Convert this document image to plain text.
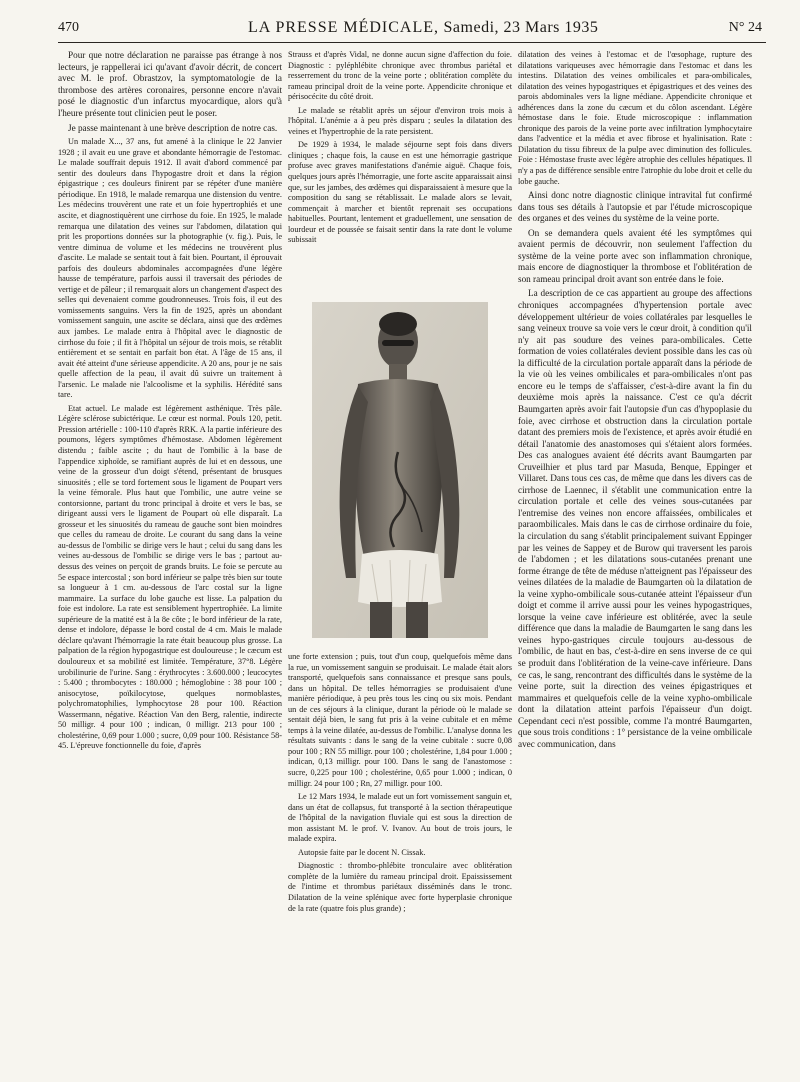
470	LA PRESSE MÉDICALE, Samedi, 23 Mars 1935	N° 24

Pour que notre déclaration ne paraisse pas étrange à nos lecteurs, je rappellerai ici qu'avant d'avoir décrit, de concert avec M. le prof. Obrastzov, la symptomatologie de la thrombose des artères coronaires, personne encore n'avait posé le diagnostic d'un infarctus myocardique, alors qu'à l'heure présente tout clinicien peut le poser.

Je passe maintenant à une brève description de notre cas.

Un malade X..., 37 ans, fut amené à la clinique le 22 Janvier 1928 ; il avait eu une grave et abondante hémorragie de l'estomac. Le malade souffrait depuis 1912. Il avait d'abord commencé par sentir des douleurs dans l'hypogastre droit et dans la région épigastrique ; ces douleurs finirent par se répéter d'une manière périodique. En 1918, le malade remarqua une distension du ventre. Les médecins trouvèrent une rate et un foie hypertrophiés et une ascite, et diagnostiquèrent une cirrhose du foie. En 1925, le malade remarqua une dilatation des veines sur l'abdomen, dilatation qui prit les proportions données sur la photographie (v. fig.). Puis, le ventre diminua de volume et les médecins ne trouvèrent plus d'ascite. Le malade se sentait tout à fait bien. Pourtant, il éprouvait parfois des douleurs abdominales accompagnées d'une légère hausse de température, parfois aussi il traversait des périodes de vertige et de pâleur ; il remarquait alors un changement d'aspect des selles qui devenaient comme goudronneuses. Trois fois, il eut des vomissements sanguins. Vers la fin de 1925, après un abondant vomissement sanguin, une ascite se déclara, ainsi que des œdèmes aux jambes. Le malade entra à l'hôpital avec le diagnostic de cirrhose du foie ; il fit à l'hôpital un séjour de trois mois, se rétablit entièrement et se sentait en parfait bon état. A l'âge de 15 ans, il avait été atteint d'une sérieuse appendicite. A 20 ans, pour je ne sais quelle affection de la peau, il avait dû suivre un traitement à l'arsenic. Le malade nie l'alcoolisme et la syphilis. Hérédité sans tare.

Etat actuel. Le malade est légèrement asthénique. Très pâle. Légère sclérose subictérique. Le cœur est normal. Pouls 120, petit. Pression artérielle : 100-110 d'après RRK. A la partie inférieure des poumons, légers symptômes d'hémostase. Abdomen légèrement distendu ; faible ascite ; du haut de l'ombilic à la base de l'appendice xiphoïde, se ramifiant auprès de lui et en dessous, une veine de la grosseur d'un doigt s'étend, présentant de brusques sinuosités ; elle se tord fortement sous le ligament de Poupart vers la veine fémorale. Plus haut que l'ombilic, une autre veine se contorsionne, partant du tronc principal à droite et vers le bas, se dirigeant aussi vers le ligament de Poupart où elle disparaît. La grosseur et les sinuosités du rameau de gauche sont bien moindres que celles du rameau de droite. Le courant du sang dans la veine au-dessus de l'ombilic se dirige vers le haut ; celui du sang dans les veines au-dessous de l'ombilic se dirige vers le bas ; partout au-dessus des veines on perçoit de grands bruits. Le foie se percute au 5e espace intercostal ; son bord inférieur se palpe très bien sur toute sa longueur à 1 cm. au-dessous de l'arc costal sur la ligne mammaire. La surface du lobe gauche est lisse. La palpation du foie est indolore. La rate est sensiblement hypertrophiée. La limite supérieure de la matité est à la 8e côte ; le bord inférieur de la rate, dense et indolore, dépasse le bord costal de 4 cm. Mais le malade déclare qu'avant l'hémorragie la rate était beaucoup plus grosse. La palpation de la région hypogastrique est douloureuse ; le cæcum est douloureux et sa mobilité est limitée. Température, 37°8. Légère urobilinurie de l'urine. Sang : érythrocytes : 3.600.000 ; leucocytes : 5.400 ; thrombocytes : 180.000 ; hémoglobine : 38 pour 100 ; anisocytose, poïkilocytose, quelques normoblastes, polychromatophilies, lymphocytose 28 pour 100. Réaction Wassermann, négative. Réaction Van den Berg, ralentie, indirecte 50 milligr. 4 pour 100 ; indican, 0 milligr. 213 pour 100 ; cholestérine, 0,69 pour 1.000 ; sucre, 0,09 pour 100. Résistance 58-45. L'épreuve fonctionnelle du foie, d'après

Strauss et d'après Vidal, ne donne aucun signe d'affection du foie. Diagnostic : pyléphlébite chronique avec thrombus pariétal et resserrement du tronc de la veine porte ; oblitération complète du rameau principal droit de la veine porte. Appendicite chronique et périsocécite du côté droit.

Le malade se rétablit après un séjour d'environ trois mois à l'hôpital. L'anémie a à peu près disparu ; seules la dilatation des veines et l'hypertrophie de la rate persistent.

De 1929 à 1934, le malade séjourne sept fois dans divers cliniques ; chaque fois, la cause en est une hémorragie gastrique profuse avec graves manifestations d'anémie aiguë. Chaque fois, quelques jours après l'hémorragie, une forte ascite apparaissait ainsi que, sur les jambes, des œdèmes qui disparaissaient à mesure que la composition du sang se rétablissait. Le malade alors se levait, commençait à marcher et bientôt reprenait ses occupations habituelles. Pourtant, lentement et graduellement, une sensation de lourdeur et de poussée se faisait sentir dans la rate dont le volume subissait

une forte extension ; puis, tout d'un coup, quelquefois même dans la rue, un vomissement sanguin se produisait. Le malade était alors transporté, quelquefois sans connaissance et presque sans pouls, dans un hôpital. De telles hémorragies se produisaient d'une manière périodique, à peu près tous les cinq ou six mois. Pendant un de ces séjours à la clinique, durant la période où le malade se sentait déjà bien, le sang fut pris à la veine cubitale et en même temps à la veine dilatée, au-dessus de l'ombilic. L'analyse donna les résultats suivants : dans le sang de la veine cubitale : sucre 0,08 pour 100 ; RN 55 milligr. pour 100 ; cholestérine, 1,84 pour 1.000 ; indican, 0,13 milligr. pour 100. Dans le sang de l'anastomose : sucre, 0,225 pour 100 ; cholestérine, 0,65 pour 1.000 ; indican, 0 milligr. 24 pour 100 ; Rn, 27 milligr. pour 100.

Le 12 Mars 1934, le malade eut un fort vomissement sanguin et, dans un état de collapsus, fut transporté à la section thérapeutique de l'hôpital de la navigation fluviale qui est sous la direction de mon assistant M. le prof. V. Ivanov. Au bout de trois jours, le malade expira.

Autopsie faite par le docent N. Cissak.

Diagnostic : thrombo-phlébite tronculaire avec oblitération complète de la lumière du rameau principal droit. Epaississement de l'intime et thrombus pariétaux disséminés dans le tronc. Dilatation de la veine splénique avec forte hyperplasie chronique de la rate (quatre fois plus grande) ;

dilatation des veines à l'estomac et de l'œsophage, rupture des dilatations variqueuses avec hémorragie dans l'estomac et dans les intestins. Dilatation des veines ombilicales et para-ombilicales, dilatation des veines hypogastriques et épigastriques et des veines des parois abdominales vers la ligne médiane. Appendicite chronique et adhérences dans la zone du cæcum et du côlon ascendant. Légère hémostase dans le foie. Etude microscopique : inflammation chronique des parois de la veine porte avec infiltration lymphocytaire dans l'adventice et la média et avec fibrose et hyalinisation. Rate : Dilatation du tissu fibreux de la pulpe avec diminution des follicules. Foie : Hémostase fruste avec légère atrophie des cellules hépatiques. Il n'y a pas de différence sensible entre l'atrophie du lobe droit et celle du lobe gauche.

Ainsi donc notre diagnostic clinique intravital fut confirmé dans tous ses détails à l'autopsie et par l'étude microscopique des organes et des veines du système de la veine porte.

On se demandera quels avaient été les symptômes qui avaient permis de découvrir, non seulement l'affection du système de la veine porte avec son inflammation chronique, mais encore de diagnostiquer la thrombose et l'oblitération de son rameau principal droit avant son entrée dans le foie.

La description de ce cas appartient au groupe des affections chroniques accompagnées d'hypertension portale avec développement ultérieur de voies collatérales par lesquelles le sang veineux trouve sa voie vers le cœur droit, à condition qu'il n'y ait pas soudure des veines para-ombilicales. Cette formation de voies collatérales devient possible dans les cas où la difficulté de la circulation portale apparaît dans la période de la vie où les veines ombilicales et para-ombilicales n'ont pas encore eu le temps de s'affaisser, c'est-à-dire avant la fin du deuxième mois après la naissance. C'est ce qu'a décrit Baumgarten après avoir fait l'autopsie d'un cas d'hypoplasie du foie, avec cirrhose et obstruction dans la circulation portale datant des premiers mois de l'existence, et après avoir étudié en détail l'anatomie des anastomoses qui s'étaient alors formées. Des cas analogues avaient été décrits avant Baumgarten par Cruveilhier et plus tard par Masuda, Benque, Eppinger et Villaret. Dans tous ces cas, de même que dans les divers cas de cirrhose de Laennec, il s'établit une communication entre la circulation portale et celle des veines sous-cutanées par l'entremise des veines non encore affaissées, ombilicales et paraombilicales. Mais dans le cas de cirrhose ordinaire du foie, la circulation du sang s'établit principalement suivant Eppinger par les veines de Sappey et de Burow qui traversent les parois de l'abdomen ; et les dilatations sous-cutanées prenant une forme étrange de tête de méduse n'atteignent pas l'épaisseur des veines dilatées de la maladie de Baumgarten où la dilatation de la veine xypho-ombilicale sous-cutanée atteint l'épaisseur d'un doigt et comme il arrive aussi pour les veines hypogastriques, lorsque la veine cave inférieure est oblitérée, avec la seule différence que dans la maladie de Baumgarten le sang dans les veines hypo-gastriques circule toujours au-dessous de l'ombilic, de haut en bas, c'est-à-dire en sens inverse de ce qui se produit dans l'oblitération de la veine-cave inférieure. Dans ce cas, le sang, rencontrant des difficultés dans le système de la veine porte, suit la direction des veines épigastriques et mammaires et quelquefois celle de la veine xypho-ombilicale dont la dilatation atteint parfois l'épaisseur d'un doigt. Cependant ceci n'est possible, comme l'a montré Baumgarten, que sous trois conditions : 1° persistance de la veine ombilicale avec communication, dans
